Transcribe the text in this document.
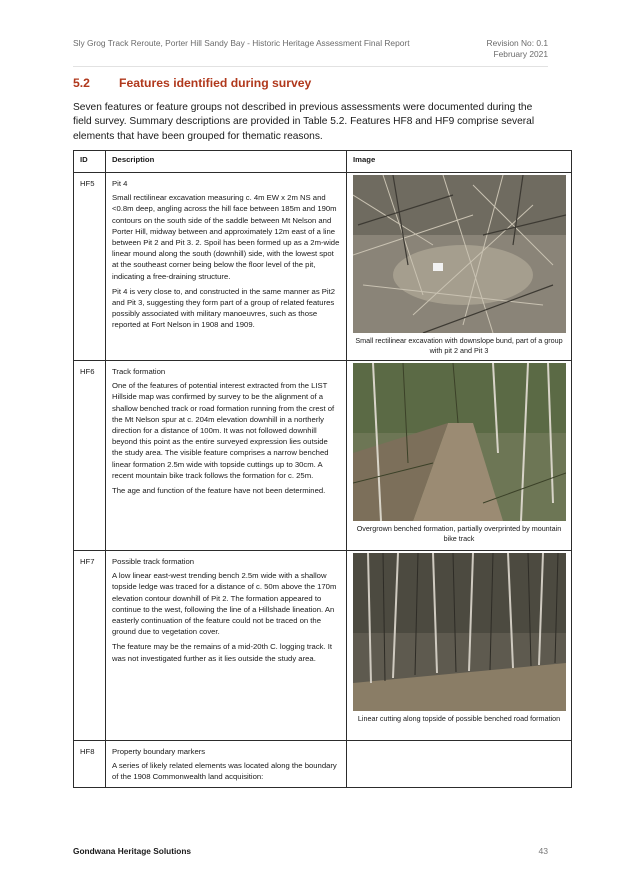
Sly Grog Track Reroute, Porter Hill Sandy Bay - Historic Heritage Assessment Final Report	Revision No: 0.1
February 2021
5.2 Features identified during survey
Seven features or feature groups not described in previous assessments were documented during the field survey. Summary descriptions are provided in Table 5.2. Features HF8 and HF9 comprise several elements that have been grouped for thematic reasons.
ID	Description	Image
HF5	Pit 4

Small rectilinear excavation measuring c. 4m EW x 2m NS and <0.8m deep, angling across the hill face between 185m and 190m contours on the south side of the saddle between Mt Nelson and Porter Hill, midway between and approximately 12m east of a line between Pit 2 and Pit 3. 2. Spoil has been formed up as a 2m-wide linear mound along the south (downhill) side, with the lowest spot at the southeast corner being below the floor level of the pit, indicating a free-draining structure.

Pit 4 is very close to, and constructed in the same manner as Pit2 and Pit 3, suggesting they form part of a group of related features possibly associated with military manoeuvres, such as those reported at Fort Nelson in 1908 and 1909.	Small rectilinear excavation with downslope bund, part of a group with pit 2 and Pit 3

HF6	Track formation

One of the features of potential interest extracted from the LIST Hillside map was confirmed by survey to be the alignment of a shallow benched track or road formation running from the crest of the Mt Nelson spur at c. 204m elevation downhill in a northerly direction for a distance of 100m. It was not followed downhill beyond this point as the entire surveyed expression lies outside the study area. The visible feature comprises a narrow benched linear formation 2.5m wide with topside cuttings up to 30cm. A recent mountain bike track follows the formation for c. 25m.

The age and function of the feature have not been determined.	Overgrown benched formation, partially overprinted by mountain bike track

HF7	Possible track formation

A low linear east-west trending bench 2.5m wide with a shallow topside ledge was traced for a distance of c. 50m above the 170m elevation contour downhill of Pit 2. The formation appeared to continue to the west, following the line of a Hillshade lineation. An easterly continuation of the feature could not be traced on the ground due to vegetation cover.

The feature may be the remains of a mid-20th C. logging track. It was not investigated further as it lies outside the study area.	Linear cutting along topside of possible benched road formation

HF8	Property boundary markers

A series of likely related elements was located along the boundary of the 1908 Commonwealth land acquisition:	

Gondwana Heritage Solutions	43
